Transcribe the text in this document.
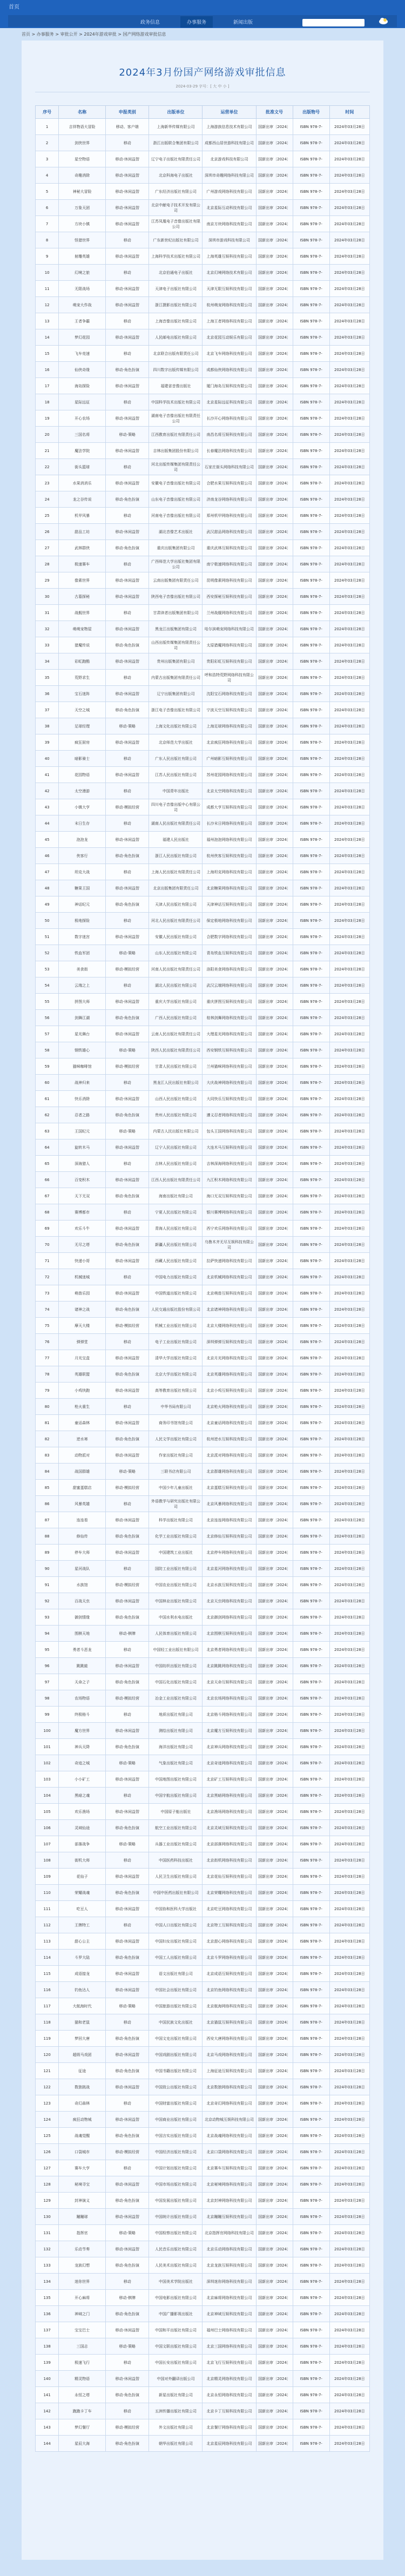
首页
政务信息	办事服务	新闻出版
首页 > 办事服务 > 审批公开 > 2024年游戏审批 > 国产网络游戏审批信息
2024年3月份国产网络游戏审批信息
2024-03-29 字号：[ 大 中 小 ]
序号	名称	申报类别	出版单位	运营单位	批准文号	出版物号	时间
1	吉祥物语大冒险	移动、客户端	上海新华传媒有限公司	上海游族信息技术有限公司	国新出审〔2024〕	ISBN 978-7-	2024年03月28日
2	剑侠世界	移动	浙江出版联合集团有限公司	成都西山居世游科技有限公司	国新出审〔2024〕	ISBN 978-7-	2024年03月28日
3	星空物语	移动-休闲益智	辽宁电子出版社有限责任公司	北京游戏科技有限公司	国新出审〔2024〕	ISBN 978-7-	2024年03月28日
4	奇趣消除	移动-休闲益智	北京科海电子出版社	深圳市奇趣网络科技有限公司	国新出审〔2024〕	ISBN 978-7-	2024年03月28日
5	神秘大冒险	移动-休闲益智	广东经济出版社有限公司	广州游戏网络科技有限公司	国新出审〔2024〕	ISBN 978-7-	2024年03月28日
6	万象天团	移动-休闲益智	北京中献电子技术开发有限公司	北京星际互动科技有限公司	国新出审〔2024〕	ISBN 978-7-	2024年03月28日
7	方块小镇	移动-休闲益智	江苏凤凰电子音像出版社有限公司	南京方块网络科技有限公司	国新出审〔2024〕	ISBN 978-7-	2024年03月28日
8	怪猎世界	移动	广东新世纪出版社有限公司	深圳市游戏科技有限公司	国新出审〔2024〕	ISBN 978-7-	2024年03月28日
9	射雕英雄	移动-休闲益智	上海科学技术出版社有限公司	上海英雄互娱科技有限公司	国新出审〔2024〕	ISBN 978-7-	2024年03月28日
10	幻境之旅	移动	北京伯通电子出版社	北京幻境网络技术有限公司	国新出审〔2024〕	ISBN 978-7-	2024年03月28日
11	无限战场	移动-休闲益智	天津电子出版社有限公司	天津无限互娱科技有限公司	国新出审〔2024〕	ISBN 978-7-	2024年03月28日
12	萌宠大作战	移动-休闲益智	浙江摄影出版社有限公司	杭州萌宠网络科技有限公司	国新出审〔2024〕	ISBN 978-7-	2024年03月28日
13	王者争霸	移动	上海音像出版社有限公司	上海王者网络科技有限公司	国新出审〔2024〕	ISBN 978-7-	2024年03月28日
14	梦幻花园	移动-休闲益智	人民邮电出版社有限公司	北京花园互动娱乐有限公司	国新出审〔2024〕	ISBN 978-7-	2024年03月28日
15	飞车竞速	移动	北京联合出版有限责任公司	北京飞车网络科技有限公司	国新出审〔2024〕	ISBN 978-7-	2024年03月28日
16	仙侠奇缘	移动-角色扮演	四川数字出版传媒有限公司	成都仙侠网络科技有限公司	国新出审〔2024〕	ISBN 978-7-	2024年03月28日
17	海岛探险	移动-休闲益智	福建省音像出版社	厦门海岛互娱科技有限公司	国新出审〔2024〕	ISBN 978-7-	2024年03月28日
18	星际远征	移动	中国科学技术出版社有限公司	北京星际远征科技有限公司	国新出审〔2024〕	ISBN 978-7-	2024年03月28日
19	开心农场	移动-休闲益智	湖南电子音像出版社有限责任公司	长沙开心网络科技有限公司	国新出审〔2024〕	ISBN 978-7-	2024年03月28日
20	三国名将	移动-策略	江西教育出版社有限责任公司	南昌名将互娱科技有限公司	国新出审〔2024〕	ISBN 978-7-	2024年03月28日
21	魔法学院	移动-休闲益智	吉林出版集团股份有限公司	长春魔法网络科技有限公司	国新出审〔2024〕	ISBN 978-7-	2024年03月28日
22	街头篮球	移动	河北出版传媒集团有限责任公司	石家庄街头网络科技有限公司	国新出审〔2024〕	ISBN 978-7-	2024年03月28日
23	水果消消乐	移动-休闲益智	安徽电子音像出版社有限公司	合肥水果互娱科技有限公司	国新出审〔2024〕	ISBN 978-7-	2024年03月28日
24	龙之谷传说	移动-角色扮演	山东电子音像出版社有限公司	济南龙谷网络科技有限公司	国新出审〔2024〕	ISBN 978-7-	2024年03月28日
25	机甲风暴	移动	河南电子音像出版社有限公司	郑州机甲网络科技有限公司	国新出审〔2024〕	ISBN 978-7-	2024年03月28日
26	甜品工坊	移动-休闲益智	湖北音像艺术出版社	武汉甜品网络科技有限公司	国新出审〔2024〕	ISBN 978-7-	2024年03月28日
27	武林群侠	移动-角色扮演	重庆出版集团有限公司	重庆武林互娱科技有限公司	国新出审〔2024〕	ISBN 978-7-	2024年03月28日
28	极速赛车	移动	广西师范大学出版社集团有限公司	南宁极速网络科技有限公司	国新出审〔2024〕	ISBN 978-7-	2024年03月28日
29	像素世界	移动-休闲益智	云南出版集团有限责任公司	昆明像素网络科技有限公司	国新出审〔2024〕	ISBN 978-7-	2024年03月28日
30	古墓探秘	移动-休闲益智	陕西电子音像出版社有限公司	西安探秘互娱科技有限公司	国新出审〔2024〕	ISBN 978-7-	2024年03月28日
31	战舰世界	移动	甘肃读者出版集团有限公司	兰州战舰网络科技有限公司	国新出审〔2024〕	ISBN 978-7-	2024年03月28日
32	萌萌宠物屋	移动-休闲益智	黑龙江出版集团有限公司	哈尔滨萌宠网络科技有限公司	国新出审〔2024〕	ISBN 978-7-	2024年03月28日
33	猎魔传说	移动-角色扮演	山西出版传媒集团有限责任公司	太原猎魔网络科技有限公司	国新出审〔2024〕	ISBN 978-7-	2024年03月28日
34	彩虹跑酷	移动-休闲益智	贵州出版集团有限公司	贵阳彩虹互娱科技有限公司	国新出审〔2024〕	ISBN 978-7-	2024年03月28日
35	荒野求生	移动	内蒙古出版集团有限责任公司	呼和浩特荒野网络科技有限公司	国新出审〔2024〕	ISBN 978-7-	2024年03月28日
36	宝石迷阵	移动-休闲益智	辽宁出版集团有限公司	沈阳宝石网络科技有限公司	国新出审〔2024〕	ISBN 978-7-	2024年03月28日
37	天空之城	移动-角色扮演	浙江电子音像出版社有限公司	宁波天空互娱科技有限公司	国新出审〔2024〕	ISBN 978-7-	2024年03月28日
38	足球经理	移动-策略	上海文化出版社有限公司	上海足球网络科技有限公司	国新出审〔2024〕	ISBN 978-7-	2024年03月28日
39	疯狂厨房	移动-休闲益智	北京师范大学出版社	北京疯狂网络科技有限公司	国新出审〔2024〕	ISBN 978-7-	2024年03月28日
40	暗影骑士	移动	广东人民出版社有限公司	广州暗影互娱科技有限公司	国新出审〔2024〕	ISBN 978-7-	2024年03月28日
41	花园物语	移动-休闲益智	江苏人民出版社有限公司	苏州花园网络科技有限公司	国新出审〔2024〕	ISBN 978-7-	2024年03月28日
42	太空漫游	移动	中国青年出版社	北京太空网络科技有限公司	国新出审〔2024〕	ISBN 978-7-	2024年03月28日
43	小镇大亨	移动-模拟经营	四川电子音像出版中心有限公司	成都大亨互娱科技有限公司	国新出审〔2024〕	ISBN 978-7-	2024年03月28日
44	末日生存	移动	湖南人民出版社有限责任公司	长沙末日网络科技有限公司	国新出审〔2024〕	ISBN 978-7-	2024年03月28日
45	泡泡龙	移动-休闲益智	福建人民出版社	福州泡泡网络科技有限公司	国新出审〔2024〕	ISBN 978-7-	2024年03月28日
46	侠客行	移动-角色扮演	浙江人民出版社有限公司	杭州侠客互娱科技有限公司	国新出审〔2024〕	ISBN 978-7-	2024年03月28日
47	坦克大战	移动	上海人民出版社有限责任公司	上海坦克网络科技有限公司	国新出审〔2024〕	ISBN 978-7-	2024年03月28日
48	糖果王国	移动-休闲益智	北京出版集团有限责任公司	北京糖果网络科技有限公司	国新出审〔2024〕	ISBN 978-7-	2024年03月28日
49	神话纪元	移动-角色扮演	天津人民出版社有限公司	天津神话互娱科技有限公司	国新出审〔2024〕	ISBN 978-7-	2024年03月28日
50	极地探险	移动	河北人民出版社有限责任公司	保定极地网络科技有限公司	国新出审〔2024〕	ISBN 978-7-	2024年03月28日
51	数字迷宫	移动-休闲益智	安徽人民出版社有限公司	合肥数字网络科技有限公司	国新出审〔2024〕	ISBN 978-7-	2024年03月28日
52	铁血军团	移动-策略	山东人民出版社有限公司	青岛铁血互娱科技有限公司	国新出审〔2024〕	ISBN 978-7-	2024年03月28日
53	美食街	移动-模拟经营	河南人民出版社有限责任公司	洛阳美食网络科技有限公司	国新出审〔2024〕	ISBN 978-7-	2024年03月28日
54	云端之上	移动	湖北人民出版社有限公司	武汉云端网络科技有限公司	国新出审〔2024〕	ISBN 978-7-	2024年03月28日
55	拼图大师	移动-休闲益智	重庆大学出版社有限公司	重庆拼图互娱科技有限公司	国新出审〔2024〕	ISBN 978-7-	2024年03月28日
56	剑舞江湖	移动-角色扮演	广西人民出版社有限公司	桂林剑舞网络科技有限公司	国新出审〔2024〕	ISBN 978-7-	2024年03月28日
57	星光舞台	移动-休闲益智	云南人民出版社有限责任公司	大理星光网络科技有限公司	国新出审〔2024〕	ISBN 978-7-	2024年03月28日
58	钢铁雄心	移动-策略	陕西人民出版社有限责任公司	西安钢铁互娱科技有限公司	国新出审〔2024〕	ISBN 978-7-	2024年03月28日
59	猫咪咖啡馆	移动-模拟经营	甘肃人民出版社有限公司	兰州猫咪网络科技有限公司	国新出审〔2024〕	ISBN 978-7-	2024年03月28日
60	战神归来	移动	黑龙江人民出版社有限公司	大庆战神网络科技有限公司	国新出审〔2024〕	ISBN 978-7-	2024年03月28日
61	快乐消除	移动-休闲益智	山西人民出版社有限公司	大同快乐互娱科技有限公司	国新出审〔2024〕	ISBN 978-7-	2024年03月28日
62	忍者之路	移动-角色扮演	贵州人民出版社有限公司	遵义忍者网络科技有限公司	国新出审〔2024〕	ISBN 978-7-	2024年03月28日
63	王国纪元	移动-策略	内蒙古人民出版社有限公司	包头王国网络科技有限公司	国新出审〔2024〕	ISBN 978-7-	2024年03月28日
64	旋转木马	移动-休闲益智	辽宁人民出版社有限公司	大连木马互娱科技有限公司	国新出审〔2024〕	ISBN 978-7-	2024年03月28日
65	深海猎人	移动	吉林人民出版社有限公司	吉林深海网络科技有限公司	国新出审〔2024〕	ISBN 978-7-	2024年03月28日
66	百变积木	移动-休闲益智	江西人民出版社有限责任公司	九江积木网络科技有限公司	国新出审〔2024〕	ISBN 978-7-	2024年03月28日
67	天下无双	移动-角色扮演	海南出版社有限公司	海口无双互娱科技有限公司	国新出审〔2024〕	ISBN 978-7-	2024年03月28日
68	赛博都市	移动	宁夏人民出版社有限公司	银川赛博网络科技有限公司	国新出审〔2024〕	ISBN 978-7-	2024年03月28日
69	欢乐斗牛	移动-休闲益智	青海人民出版社有限公司	西宁欢乐网络科技有限公司	国新出审〔2024〕	ISBN 978-7-	2024年03月28日
70	无尽之塔	移动-角色扮演	新疆人民出版社有限公司	乌鲁木齐无尽互娱科技有限公司	国新出审〔2024〕	ISBN 978-7-	2024年03月28日
71	快递小哥	移动-休闲益智	西藏人民出版社有限公司	拉萨快递网络科技有限公司	国新出审〔2024〕	ISBN 978-7-	2024年03月28日
72	机械迷城	移动	中国电力出版社有限公司	北京机械网络科技有限公司	国新出审〔2024〕	ISBN 978-7-	2024年03月28日
73	萌兽乐园	移动-休闲益智	中国铁道出版社有限公司	北京萌兽互娱科技有限公司	国新出审〔2024〕	ISBN 978-7-	2024年03月28日
74	诸神之战	移动-角色扮演	人民交通出版社股份有限公司	北京诸神网络科技有限公司	国新出审〔2024〕	ISBN 978-7-	2024年03月28日
75	摩天大楼	移动-模拟经营	机械工业出版社有限公司	北京大楼网络科技有限公司	国新出审〔2024〕	ISBN 978-7-	2024年03月28日
76	弹弹堂	移动	电子工业出版社有限公司	深圳弹弹互娱科技有限公司	国新出审〔2024〕	ISBN 978-7-	2024年03月28日
77	月光宝盒	移动-休闲益智	清华大学出版社有限公司	北京月光网络科技有限公司	国新出审〔2024〕	ISBN 978-7-	2024年03月28日
78	英雄联盟	移动-角色扮演	北京大学出版社有限公司	北京英雄网络科技有限公司	国新出审〔2024〕	ISBN 978-7-	2024年03月28日
79	小鸡快跑	移动-休闲益智	高等教育出版社有限公司	北京小鸡互娱科技有限公司	国新出审〔2024〕	ISBN 978-7-	2024年03月28日
80	枪火重生	移动	中华书局有限公司	北京枪火网络科技有限公司	国新出审〔2024〕	ISBN 978-7-	2024年03月28日
81	童话森林	移动-休闲益智	商务印书馆有限公司	北京童话网络科技有限公司	国新出审〔2024〕	ISBN 978-7-	2024年03月28日
82	逆水寒	移动-角色扮演	人民文学出版社有限公司	杭州逆水互娱科技有限公司	国新出审〔2024〕	ISBN 978-7-	2024年03月28日
83	动物派对	移动-休闲益智	作家出版社有限公司	北京派对网络科技有限公司	国新出审〔2024〕	ISBN 978-7-	2024年03月28日
84	战国群雄	移动-策略	三联书店有限公司	北京群雄网络科技有限公司	国新出审〔2024〕	ISBN 978-7-	2024年03月28日
85	甜蜜蛋糕店	移动-模拟经营	中国少年儿童出版社	北京蛋糕互娱科技有限公司	国新出审〔2024〕	ISBN 978-7-	2024年03月28日
86	风暴英雄	移动	外语教学与研究出版社有限公司	北京风暴网络科技有限公司	国新出审〔2024〕	ISBN 978-7-	2024年03月28日
87	连连看	移动-休闲益智	科学出版社有限公司	北京连连网络科技有限公司	国新出审〔2024〕	ISBN 978-7-	2024年03月28日
88	修仙传	移动-角色扮演	化学工业出版社有限公司	北京修仙互娱科技有限公司	国新出审〔2024〕	ISBN 978-7-	2024年03月28日
89	停车大师	移动-休闲益智	中国建筑工业出版社	北京停车网络科技有限公司	国新出审〔2024〕	ISBN 978-7-	2024年03月28日
90	星河战队	移动	国防工业出版社有限公司	北京星河网络科技有限公司	国新出审〔2024〕	ISBN 978-7-	2024年03月28日
91	水族馆	移动-模拟经营	中国农业出版社有限公司	北京水族互娱科技有限公司	国新出审〔2024〕	ISBN 978-7-	2024年03月28日
92	百战天虫	移动-休闲益智	中国林业出版社有限公司	北京天虫网络科技有限公司	国新出审〔2024〕	ISBN 978-7-	2024年03月28日
93	御剑情缘	移动-角色扮演	中国水利水电出版社	北京御剑网络科技有限公司	国新出审〔2024〕	ISBN 978-7-	2024年03月28日
94	围棋天地	移动-棋牌	人民体育出版社有限公司	北京围棋互娱科技有限公司	国新出审〔2024〕	ISBN 978-7-	2024年03月28日
95	勇者斗恶龙	移动	中国轻工业出版社有限公司	北京勇者网络科技有限公司	国新出审〔2024〕	ISBN 978-7-	2024年03月28日
96	跳跳蛙	移动-休闲益智	中国纺织出版社有限公司	北京跳跳网络科技有限公司	国新出审〔2024〕	ISBN 978-7-	2024年03月28日
97	天命之子	移动-角色扮演	中国石化出版社有限公司	北京天命互娱科技有限公司	国新出审〔2024〕	ISBN 978-7-	2024年03月28日
98	农场物语	移动-模拟经营	冶金工业出版社有限公司	北京农场网络科技有限公司	国新出审〔2024〕	ISBN 978-7-	2024年03月28日
99	终极格斗	移动	地质出版社有限公司	北京格斗网络科技有限公司	国新出审〔2024〕	ISBN 978-7-	2024年03月28日
100	魔方世界	移动-休闲益智	测绘出版社有限公司	北京魔方互娱科技有限公司	国新出审〔2024〕	ISBN 978-7-	2024年03月28日
101	神兵天降	移动-角色扮演	海洋出版社有限公司	北京神兵网络科技有限公司	国新出审〔2024〕	ISBN 978-7-	2024年03月28日
102	奇迹之城	移动-策略	气象出版社有限公司	北京奇迹网络科技有限公司	国新出审〔2024〕	ISBN 978-7-	2024年03月28日
103	小小矿工	移动-休闲益智	中国地图出版社有限公司	北京矿工互娱科技有限公司	国新出审〔2024〕	ISBN 978-7-	2024年03月28日
104	黑暗之魂	移动	中国宇航出版社有限公司	北京黑暗网络科技有限公司	国新出审〔2024〕	ISBN 978-7-	2024年03月28日
105	欢乐渔场	移动-休闲益智	中国原子能出版社	北京渔场网络科技有限公司	国新出审〔2024〕	ISBN 978-7-	2024年03月28日
106	灵域仙途	移动-角色扮演	航空工业出版社有限公司	北京灵域互娱科技有限公司	国新出审〔2024〕	ISBN 978-7-	2024年03月28日
107	部落战争	移动-策略	兵器工业出版社有限公司	北京部落网络科技有限公司	国新出审〔2024〕	ISBN 978-7-	2024年03月28日
108	街机大师	移动	中国医药科技出版社	北京街机网络科技有限公司	国新出审〔2024〕	ISBN 978-7-	2024年03月28日
109	花仙子	移动-休闲益智	人民卫生出版社有限公司	北京花仙互娱科技有限公司	国新出审〔2024〕	ISBN 978-7-	2024年03月28日
110	荣耀战魂	移动-角色扮演	中国中医药出版社有限公司	北京荣耀网络科技有限公司	国新出审〔2024〕	ISBN 978-7-	2024年03月28日
111	吃豆人	移动-休闲益智	中国协和医科大学出版社	北京吃豆网络科技有限公司	国新出审〔2024〕	ISBN 978-7-	2024年03月28日
112	王牌特工	移动	中国人口出版社有限公司	北京特工互娱科技有限公司	国新出审〔2024〕	ISBN 978-7-	2024年03月28日
113	甜心公主	移动-休闲益智	中国妇女出版社有限公司	北京甜心网络科技有限公司	国新出审〔2024〕	ISBN 978-7-	2024年03月28日
114	斗罗大陆	移动-角色扮演	中国工人出版社有限公司	北京斗罗网络科技有限公司	国新出审〔2024〕	ISBN 978-7-	2024年03月28日
115	成语接龙	移动-休闲益智	语文出版社有限公司	北京成语互娱科技有限公司	国新出审〔2024〕	ISBN 978-7-	2024年03月28日
116	钓鱼达人	移动-休闲益智	中国社会出版社有限公司	北京钓鱼网络科技有限公司	国新出审〔2024〕	ISBN 978-7-	2024年03月28日
117	大航海时代	移动-策略	中国旅游出版社有限公司	北京航海网络科技有限公司	国新出审〔2024〕	ISBN 978-7-	2024年03月28日
118	猫和老鼠	移动	中国民族文化出版社	北京猫鼠互娱科技有限公司	国新出审〔2024〕	ISBN 978-7-	2024年03月28日
119	梦回大唐	移动-角色扮演	中国文史出版社有限公司	西安大唐网络科技有限公司	国新出审〔2024〕	ISBN 978-7-	2024年03月28日
120	超级马戏团	移动-休闲益智	中国戏剧出版社有限公司	北京马戏网络科技有限公司	国新出审〔2024〕	ISBN 978-7-	2024年03月28日
121	征途	移动-角色扮演	中国书籍出版社有限公司	上海征途互娱科技有限公司	国新出审〔2024〕	ISBN 978-7-	2024年03月28日
122	数独挑战	移动-休闲益智	中国致公出版社有限公司	北京数独网络科技有限公司	国新出审〔2024〕	ISBN 978-7-	2024年03月28日
123	奇幻森林	移动	中国财富出版社有限公司	北京奇幻网络科技有限公司	国新出审〔2024〕	ISBN 978-7-	2024年03月28日
124	疯狂动物城	移动-休闲益智	中国商业出版社有限公司	北京动物城互娱科技有限公司	国新出审〔2024〕	ISBN 978-7-	2024年03月28日
125	战魂觉醒	移动-角色扮演	中国言实出版社有限公司	北京战魂网络科技有限公司	国新出审〔2024〕	ISBN 978-7-	2024年03月28日
126	口袋城市	移动-模拟经营	中国经济出版社有限公司	北京口袋网络科技有限公司	国新出审〔2024〕	ISBN 978-7-	2024年03月28日
127	赛车大亨	移动	中国计划出版社有限公司	北京赛车互娱科技有限公司	国新出审〔2024〕	ISBN 978-7-	2024年03月28日
128	秘境寻宝	移动-休闲益智	中国市场出版社有限公司	北京秘境网络科技有限公司	国新出审〔2024〕	ISBN 978-7-	2024年03月28日
129	封神演义	移动-角色扮演	中国发展出版社有限公司	北京封神网络科技有限公司	国新出审〔2024〕	ISBN 978-7-	2024年03月28日
130	蹦蹦球	移动-休闲益智	中国统计出版社有限公司	北京蹦蹦互娱科技有限公司	国新出审〔2024〕	ISBN 978-7-	2024年03月28日
131	指挥官	移动-策略	中国检察出版社有限公司	北京指挥官网络科技有限公司	国新出审〔2024〕	ISBN 978-7-	2024年03月28日
132	乐动节奏	移动-休闲益智	人民音乐出版社有限公司	北京乐动网络科技有限公司	国新出审〔2024〕	ISBN 978-7-	2024年03月28日
133	龙族幻想	移动-角色扮演	人民美术出版社有限公司	北京龙族互娱科技有限公司	国新出审〔2024〕	ISBN 978-7-	2024年03月28日
134	迷你世界	移动	中国美术学院出版社	深圳迷你网络科技有限公司	国新出审〔2024〕	ISBN 978-7-	2024年03月28日
135	开心麻将	移动-棋牌	中国电影出版社有限公司	北京麻将网络科技有限公司	国新出审〔2024〕	ISBN 978-7-	2024年03月28日
136	神域之门	移动-角色扮演	中国广播影视出版社	北京神域互娱科技有限公司	国新出审〔2024〕	ISBN 978-7-	2024年03月28日
137	宝宝巴士	移动-休闲益智	中国和平出版社有限公司	福州巴士网络科技有限公司	国新出审〔2024〕	ISBN 978-7-	2024年03月28日
138	三国志	移动-策略	中国文联出版社有限公司	北京三国网络科技有限公司	国新出审〔2024〕	ISBN 978-7-	2024年03月28日
139	极速飞行	移动	中国长安出版社有限公司	北京飞行互娱科技有限公司	国新出审〔2024〕	ISBN 978-7-	2024年03月28日
140	精灵物语	移动-休闲益智	中国对外翻译出版公司	北京精灵网络科技有限公司	国新出审〔2024〕	ISBN 978-7-	2024年03月28日
141	永恒之塔	移动-角色扮演	新星出版社有限公司	北京永恒网络科技有限公司	国新出审〔2024〕	ISBN 978-7-	2024年03月28日
142	跑跑卡丁车	移动	五洲传播出版社有限公司	北京卡丁互娱科技有限公司	国新出审〔2024〕	ISBN 978-7-	2024年03月28日
143	梦幻餐厅	移动-模拟经营	外文出版社有限公司	北京餐厅网络科技有限公司	国新出审〔2024〕	ISBN 978-7-	2024年03月28日
144	星辰大海	移动-角色扮演	朝华出版社有限公司	北京星辰网络科技有限公司	国新出审〔2024〕	ISBN 978-7-	2024年03月28日
